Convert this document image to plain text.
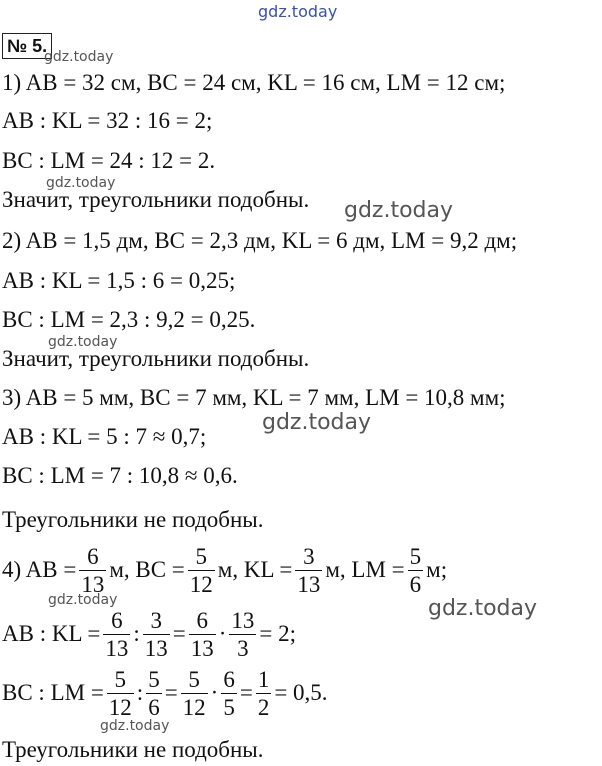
gdz.today
№ 5.
gdz.today
1) AB = 32 см, BC = 24 см, KL = 16 см, LM = 12 см;
AB : KL = 32 : 16 = 2;
BC : LM = 24 : 12 = 2.
gdz.today
Значит, треугольники подобны. gdz.today
2) AB = 1,5 дм, BC = 2,3 дм, KL = 6 дм, LM = 9,2 дм;
AB : KL = 1,5 : 6 = 0,25;
BC : LM = 2,3 : 9,2 = 0,25.
gdz.today
Значит, треугольники подобны.
3) AB = 5 мм, BC = 7 мм, KL = 7 мм, LM = 10,8 мм;
gdz.today
AB : KL = 5 : 7 ≈ 0,7;
BC : LM = 7 : 10,8 ≈ 0,6.
Треугольники не подобны.
4) AB = $\frac{6}{13} м$, BC = $\frac{5}{12} м$, KL = $\frac{3}{13} м$, LM = $\frac{5}{6} м$;
gdz.today	gdz.today
AB : KL = $\frac{6}{13}$ : $\frac{3}{13} = \frac{6}{13} \cdot \frac{13}{3} = 2$;
BC : LM = $\frac{5}{12}$ : $\frac{5}{6} = \frac{5}{12} \cdot \frac{6}{5} = \frac{1}{2} = 0,5$.
gdz.today
Треугольники не подобны.
